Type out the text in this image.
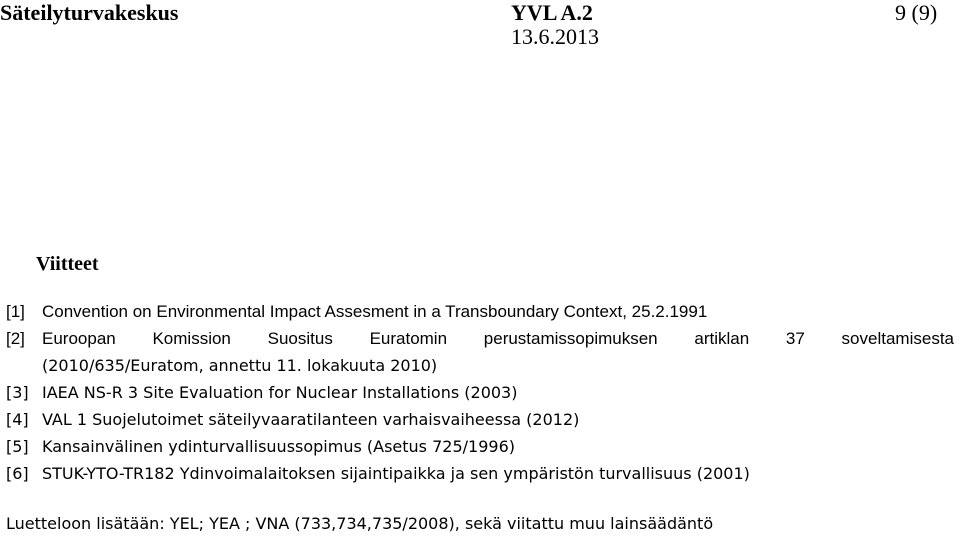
Säteilyturvakeskus	YVL A.2
13.6.2013
9 (9)
Viitteet
[1] Convention on Environmental Impact Assesment in a Transboundary Context, 25.2.1991
[2] Euroopan Komission Suositus Euratomin perustamissopimuksen artiklan 37 soveltamisesta
(2010/635/Euratom, annettu 11. lokakuuta 2010)
[3] IAEA NS-R 3 Site Evaluation for Nuclear Installations (2003)
[4] VAL 1 Suojelutoimet säteilyvaaratilanteen varhaisvaiheessa (2012)
[5] Kansainvälinen ydinturvallisuussopimus (Asetus 725/1996)
[6] STUK-YTO-TR182 Ydinvoimalaitoksen sijaintipaikka ja sen ympäristön turvallisuus (2001)
Luetteloon lisätään: YEL; YEA ; VNA (733,734,735/2008), sekä viitattu muu lainsäädäntö
